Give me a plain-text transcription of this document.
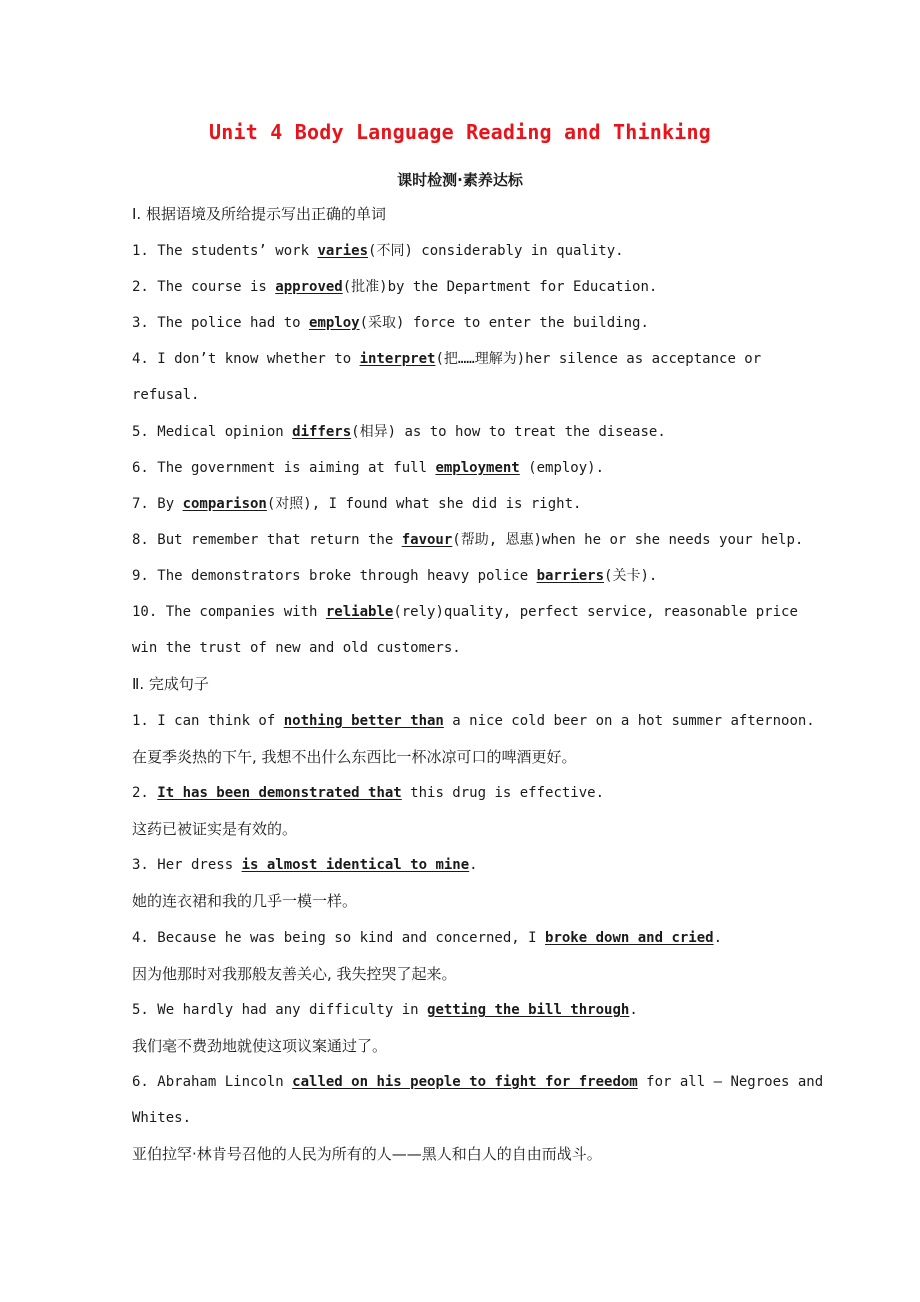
Unit 4 Body Language Reading and Thinking
课时检测·素养达标
Ⅰ. 根据语境及所给提示写出正确的单词
1. The students’ work varies(不同) considerably in quality.
2. The course is approved(批准)by the Department for Education.
3. The police had to employ(采取) force to enter the building.
4. I don’t know whether to interpret(把……理解为)her silence as acceptance or
refusal.
5. Medical opinion differs(相异) as to how to treat the disease.
6. The government is aiming at full employment (employ).
7. By comparison(对照), I found what she did is right.
8. But remember that return the favour(帮助, 恩惠)when he or she needs your help.
9. The demonstrators broke through heavy police barriers(关卡).
10. The companies with reliable(rely)quality, perfect service, reasonable price
win the trust of new and old customers.
Ⅱ. 完成句子
1. I can think of nothing better than a nice cold beer on a hot summer afternoon.
在夏季炎热的下午, 我想不出什么东西比一杯冰凉可口的啤酒更好。
2. It has been demonstrated that this drug is effective.
这药已被证实是有效的。
3. Her dress is almost identical to mine.
她的连衣裙和我的几乎一模一样。
4. Because he was being so kind and concerned, I broke down and cried.
因为他那时对我那般友善关心, 我失控哭了起来。
5. We hardly had any difficulty in getting the bill through.
我们毫不费劲地就使这项议案通过了。
6. Abraham Lincoln called on his people to fight for freedom for all — Negroes and
Whites.
亚伯拉罕·林肯号召他的人民为所有的人——黑人和白人的自由而战斗。
